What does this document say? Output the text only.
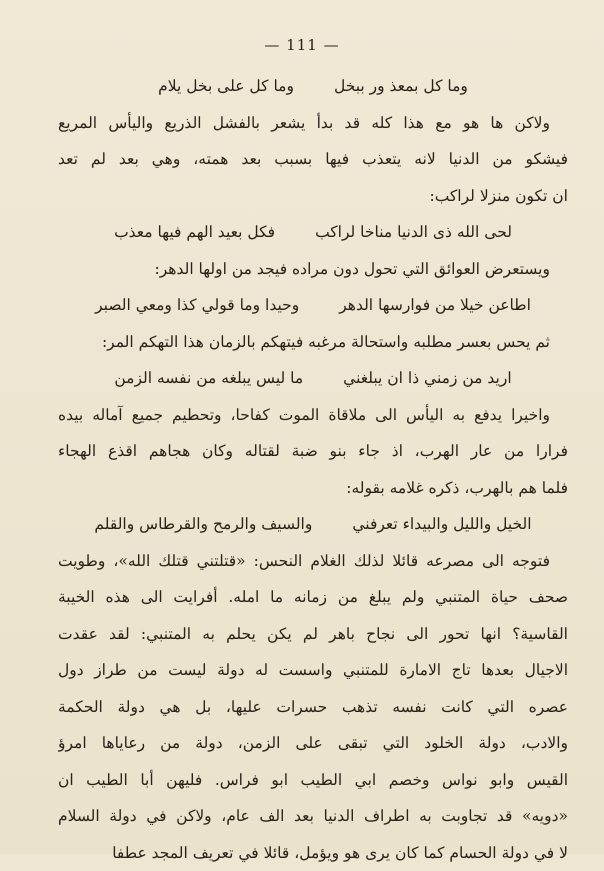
— 111 —
وما كل بمعذ ور ببخل
وما كل على بخل يلام
ولاكن ها هو مع هذا كله قد بدأ يشعر بالفشل الذريع واليأس المريع
فيشكو من الدنيا لانه يتعذب فيها بسبب بعد همته، وهي بعد لم تعد
ان تكون منزلا لراكب:
لحى الله ذى الدنيا مناخا لراكب
فكل بعيد الهم فيها معذب
ويستعرض العوائق التي تحول دون مراده فيجد من اولها الدهر:
اطاعن خيلا من فوارسها الدهر
وحيدا وما قولي كذا ومعي الصبر
ثم يحس بعسر مطلبه واستحالة مرغبه فيتهكم بالزمان هذا التهكم المر:
اريد من زمني ذا ان يبلغني
ما ليس يبلغه من نفسه الزمن
واخيرا يدفع به اليأس الى ملاقاة الموت كفاحا، وتحطيم جميع آماله بيده
فرارا من عار الهرب، اذ جاء بنو ضبة لقتاله وكان هجاهم اقذع الهجاء
فلما هم بالهرب، ذكره غلامه بقوله:
الخيل والليل والبيداء تعرفني
والسيف والرمح والقرطاس والقلم
فتوجه الى مصرعه قائلا لذلك الغلام النحس: «قتلتني قتلك الله»، وطويت
صحف حياة المتنبي ولم يبلغ من زمانه ما امله. أفرايت الى هذه الخيبة
القاسية؟ انها تحور الى نجاح باهر لم يكن يحلم به المتنبي: لقد عقدت
الاجيال بعدها تاج الامارة للمتنبي واسست له دولة ليست من طراز دول
عصره التي كانت نفسه تذهب حسرات عليها، بل هي دولة الحكمة
والادب، دولة الخلود التي تبقى على الزمن، دولة من رعاياها امرؤ
القيس وابو نواس وخصم ابي الطيب ابو فراس. فليهن أبا الطيب ان
«دويه» قد تجاوبت به اطراف الدنيا بعد الف عام، ولاكن في دولة السلام
لا في دولة الحسام كما كان يرى هو ويؤمل، قائلا في تعريف المجد عطفا
